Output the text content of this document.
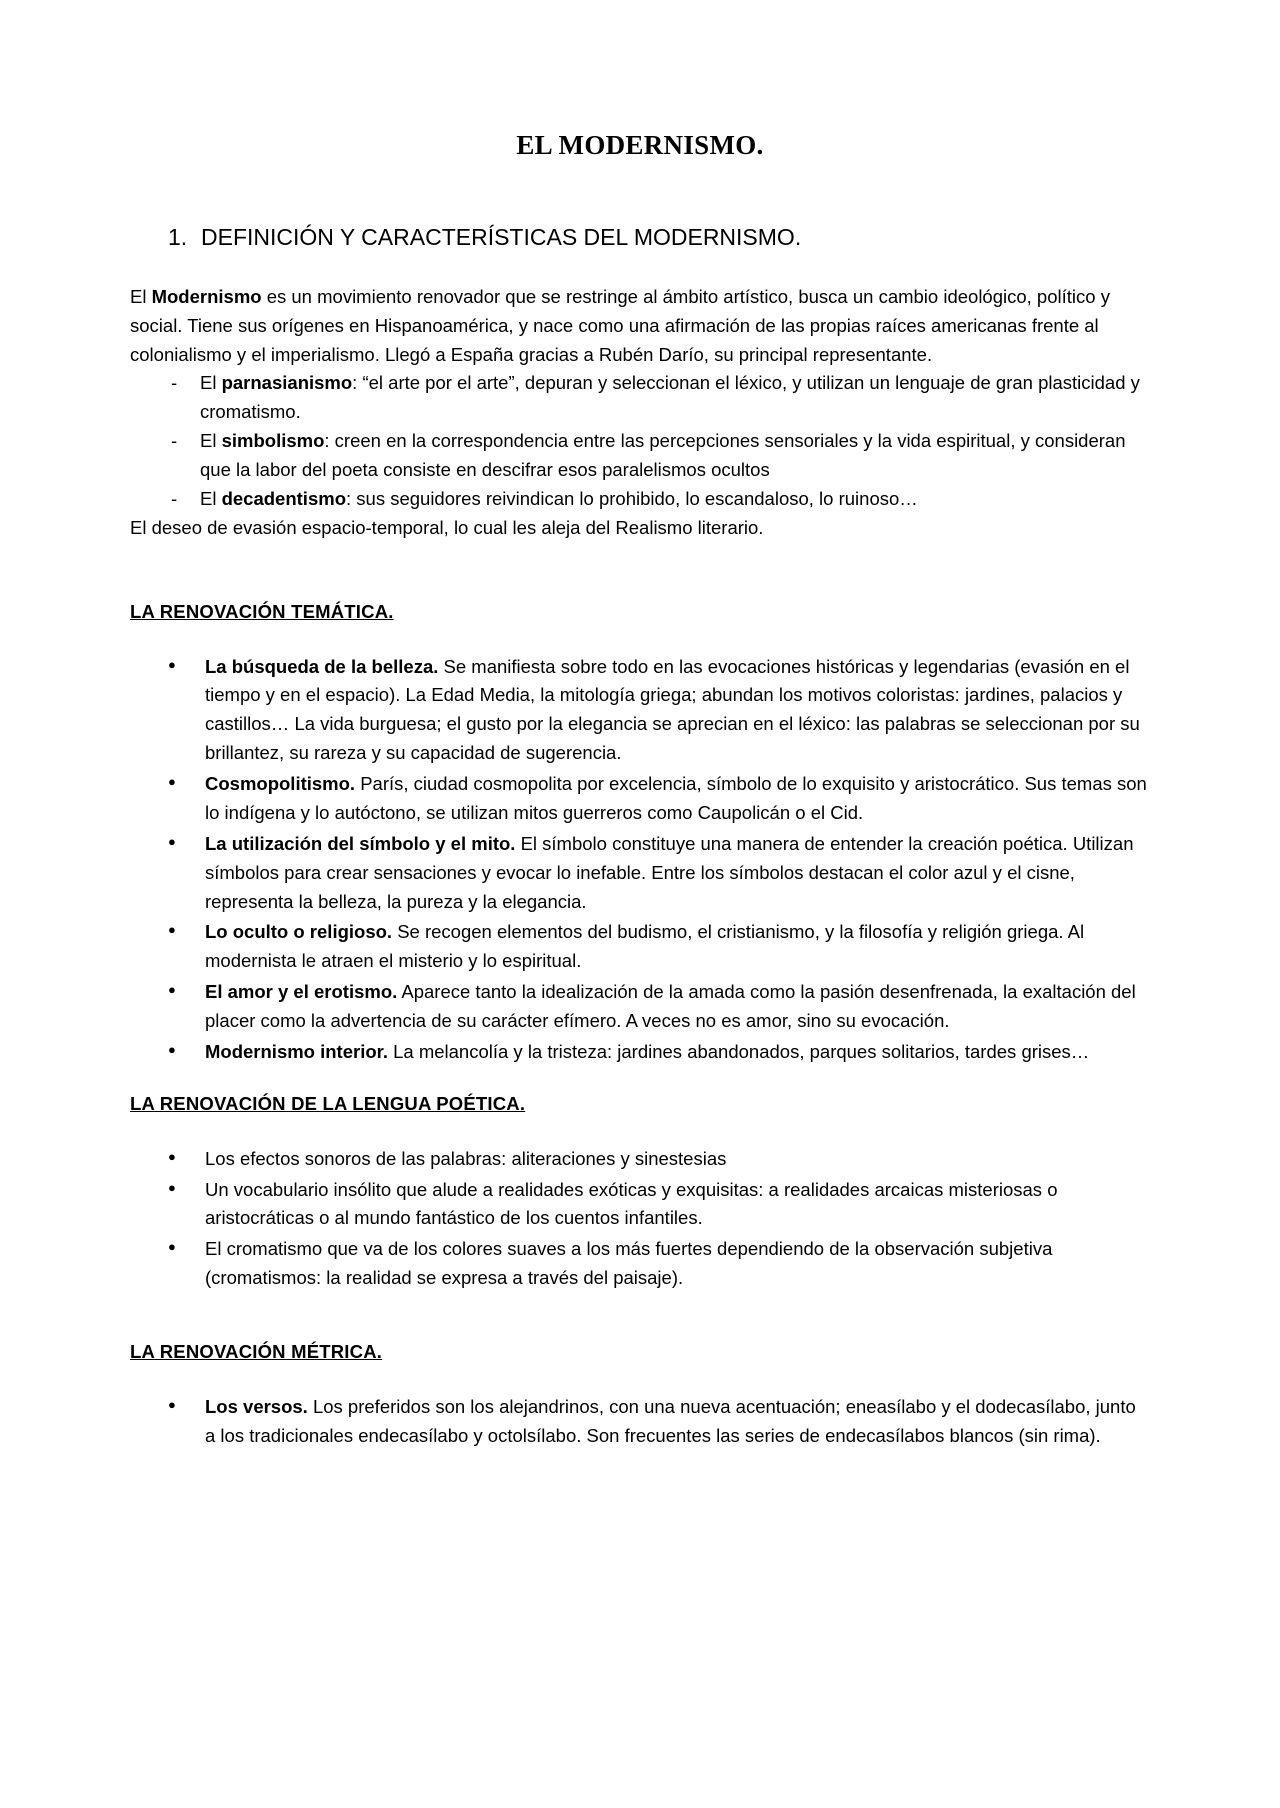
EL MODERNISMO.
1. DEFINICIÓN Y CARACTERÍSTICAS DEL MODERNISMO.

El Modernismo es un movimiento renovador que se restringe al ámbito artístico, busca un cambio ideológico, político y social. Tiene sus orígenes en Hispanoamérica, y nace como una afirmación de las propias raíces americanas frente al colonialismo y el imperialismo. Llegó a España gracias a Rubén Darío, su principal representante.

- El parnasianismo: “el arte por el arte”, depuran y seleccionan el léxico, y utilizan un lenguaje de gran plasticidad y cromatismo.
- El simbolismo: creen en la correspondencia entre las percepciones sensoriales y la vida espiritual, y consideran que la labor del poeta consiste en descifrar esos paralelismos ocultos
- El decadentismo: sus seguidores reivindican lo prohibido, lo escandaloso, lo ruinoso…

El deseo de evasión espacio-temporal, lo cual les aleja del Realismo literario.

LA RENOVACIÓN TEMÁTICA.

● La búsqueda de la belleza. Se manifiesta sobre todo en las evocaciones históricas y legendarias (evasión en el tiempo y en el espacio). La Edad Media, la mitología griega; abundan los motivos coloristas: jardines, palacios y castillos… La vida burguesa; el gusto por la elegancia se aprecian en el léxico: las palabras se seleccionan por su brillantez, su rareza y su capacidad de sugerencia.
● Cosmopolitismo. París, ciudad cosmopolita por excelencia, símbolo de lo exquisito y aristocrático. Sus temas son lo indígena y lo autóctono, se utilizan mitos guerreros como Caupolicán o el Cid.
● La utilización del símbolo y el mito. El símbolo constituye una manera de entender la creación poética. Utilizan símbolos para crear sensaciones y evocar lo inefable. Entre los símbolos destacan el color azul y el cisne, representa la belleza, la pureza y la elegancia.
● Lo oculto o religioso. Se recogen elementos del budismo, el cristianismo, y la filosofía y religión griega. Al modernista le atraen el misterio y lo espiritual.
● El amor y el erotismo. Aparece tanto la idealización de la amada como la pasión desenfrenada, la exaltación del placer como la advertencia de su carácter efímero. A veces no es amor, sino su evocación.
● Modernismo interior. La melancolía y la tristeza: jardines abandonados, parques solitarios, tardes grises…

LA RENOVACIÓN DE LA LENGUA POÉTICA.

● Los efectos sonoros de las palabras: aliteraciones y sinestesias
● Un vocabulario insólito que alude a realidades exóticas y exquisitas: a realidades arcaicas misteriosas o aristocráticas o al mundo fantástico de los cuentos infantiles.
● El cromatismo que va de los colores suaves a los más fuertes dependiendo de la observación subjetiva (cromatismos: la realidad se expresa a través del paisaje).

LA RENOVACIÓN MÉTRICA.

● Los versos. Los preferidos son los alejandrinos, con una nueva acentuación; eneasílabo y el dodecasílabo, junto a los tradicionales endecasílabo y octolsílabo. Son frecuentes las series de endecasílabos blancos (sin rima).
